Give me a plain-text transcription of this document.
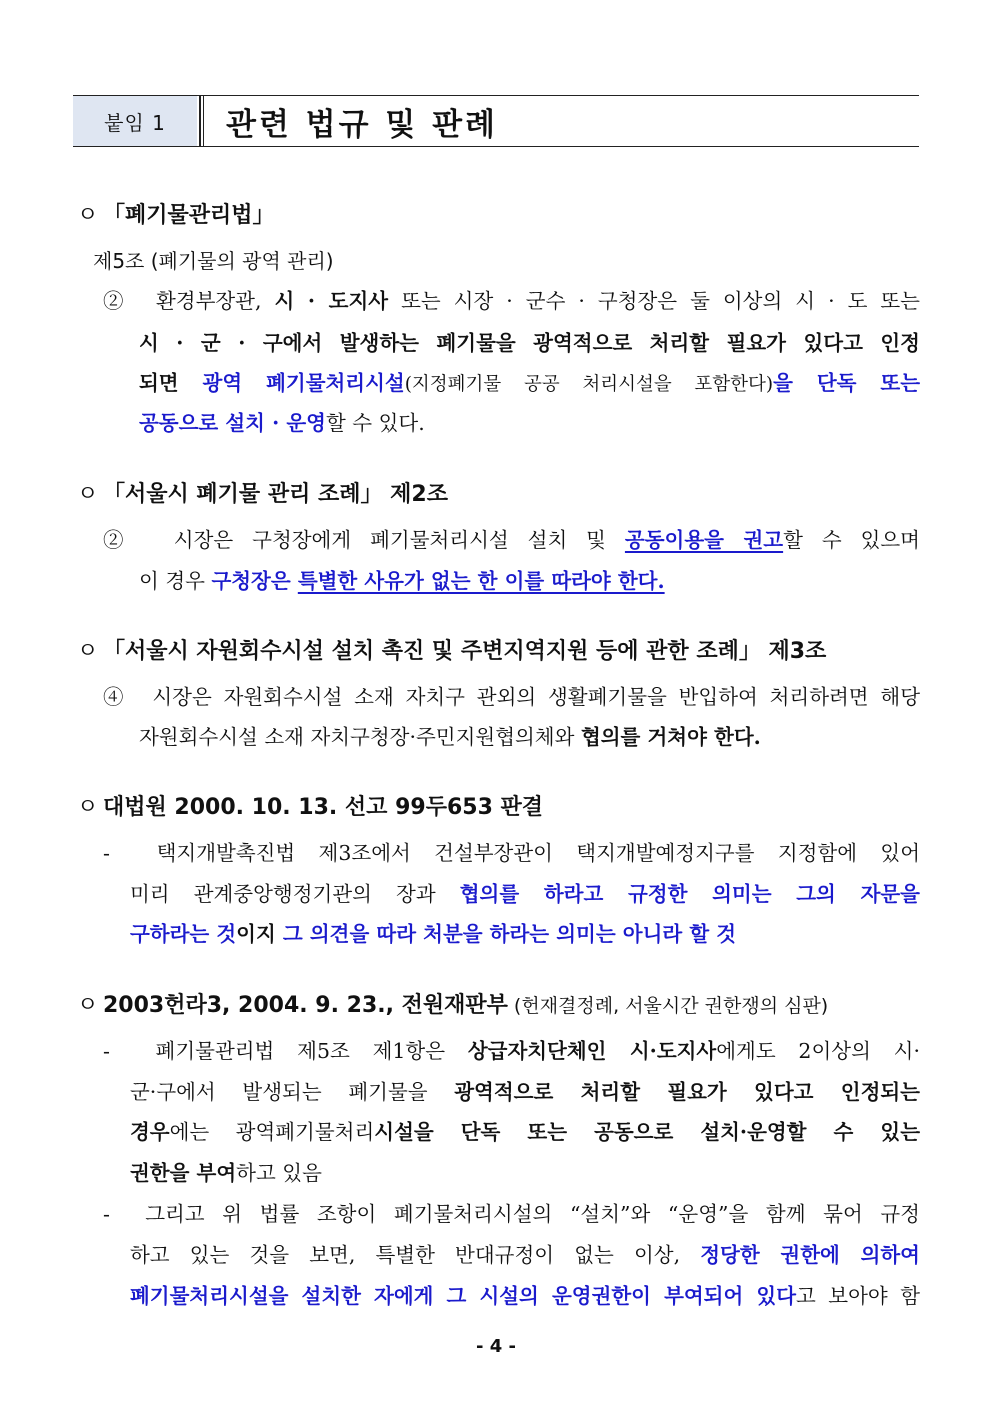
붙임 1	관련 법규 및 판례
ㅇ 「폐기물관리법」
제5조 (폐기물의 광역 관리)
② 환경부장관, 시 · 도지사 또는 시장 · 군수 · 구청장은 둘 이상의 시 · 도 또는
시 · 군 · 구에서 발생하는 폐기물을 광역적으로 처리할 필요가 있다고 인정
되면 광역 폐기물처리시설(지정폐기물 공공 처리시설을 포함한다)을 단독 또는
공동으로 설치 · 운영할 수 있다.
ㅇ 「서울시 폐기물 관리 조례」 제2조
② 시장은 구청장에게 폐기물처리시설 설치 및 공동이용을 권고할 수 있으며
이 경우 구청장은 특별한 사유가 없는 한 이를 따라야 한다.
ㅇ 「서울시 자원회수시설 설치 촉진 및 주변지역지원 등에 관한 조례」 제3조
④ 시장은 자원회수시설 소재 자치구 관외의 생활폐기물을 반입하여 처리하려면 해당
자원회수시설 소재 자치구청장·주민지원협의체와 협의를 거쳐야 한다.
ㅇ 대법원 2000. 10. 13. 선고 99두653 판결
- 택지개발촉진법 제3조에서 건설부장관이 택지개발예정지구를 지정함에 있어
미리 관계중앙행정기관의 장과 협의를 하라고 규정한 의미는 그의 자문을
구하라는 것이지 그 의견을 따라 처분을 하라는 의미는 아니라 할 것
ㅇ 2003헌라3, 2004. 9. 23., 전원재판부 (헌재결정례, 서울시간 권한쟁의 심판)
- 폐기물관리법 제5조 제1항은 상급자치단체인 시·도지사에게도 2이상의 시·
군·구에서 발생되는 폐기물을 광역적으로 처리할 필요가 있다고 인정되는
경우에는 광역폐기물처리시설을 단독 또는 공동으로 설치·운영할 수 있는
권한을 부여하고 있음
- 그리고 위 법률 조항이 폐기물처리시설의 “설치”와 “운영”을 함께 묶어 규정
하고 있는 것을 보면, 특별한 반대규정이 없는 이상, 정당한 권한에 의하여
폐기물처리시설을 설치한 자에게 그 시설의 운영권한이 부여되어 있다고 보아야 함
- 4 -
